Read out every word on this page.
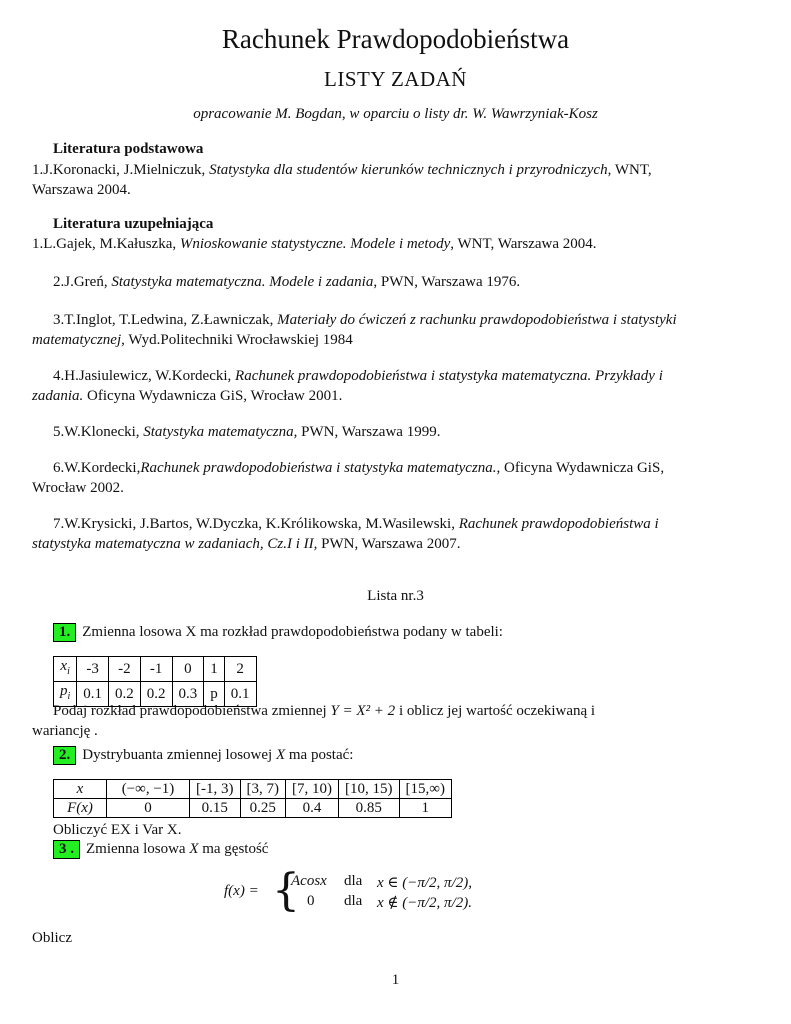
Rachunek Prawdopodobieństwa
LISTY ZADAŃ
opracowanie M. Bogdan, w oparciu o listy dr. W. Wawrzyniak-Kosz
Literatura podstawowa
1.J.Koronacki, J.Mielniczuk, Statystyka dla studentów kierunków technicznych i przyrodniczych, WNT, Warszawa 2004.
Literatura uzupełniająca
1.L.Gajek, M.Kałuszka, Wnioskowanie statystyczne. Modele i metody, WNT, Warszawa 2004.
2.J.Greń, Statystyka matematyczna. Modele i zadania, PWN, Warszawa 1976.
3.T.Inglot, T.Ledwina, Z.Ławniczak, Materiały do ćwiczeń z rachunku prawdopodobieństwa i statystyki matematycznej, Wyd.Politechniki Wrocławskiej 1984
4.H.Jasiulewicz, W.Kordecki, Rachunek prawdopodobieństwa i statystyka matematyczna. Przykłady i zadania. Oficyna Wydawnicza GiS, Wrocław 2001.
5.W.Klonecki, Statystyka matematyczna, PWN, Warszawa 1999.
6.W.Kordecki,Rachunek prawdopodobieństwa i statystyka matematyczna., Oficyna Wydawnicza GiS, Wrocław 2002.
7.W.Krysicki, J.Bartos, W.Dyczka, K.Królikowska, M.Wasilewski, Rachunek prawdopodobieństwa i statystyka matematyczna w zadaniach, Cz.I i II, PWN, Warszawa 2007.
Lista nr.3
1. Zmienna losowa X ma rozkład prawdopodobieństwa podany w tabeli:
$x_i$	-3	-2	-1	0	1	2
$p_i$	0.1	0.2	0.2	0.3	p	0.1
Podaj rozkład prawdopodobieństwa zmiennej Y = X² + 2 i oblicz jej wartość oczekiwaną i
wariancję .
2. Dystrybuanta zmiennej losowej X ma postać:
x	(−∞, −1)	[-1, 3)	[3, 7)	[7, 10)	[10, 15)	[15,∞)
F(x)	0	0.15	0.25	0.4	0.85	1
Obliczyć EX i Var X.
3 . Zmienna losowa X ma gęstość
f(x) = {
Acosx dla x ∈ (−π/2, π/2),
0 dla x ∉ (−π/2, π/2).
Oblicz
1
